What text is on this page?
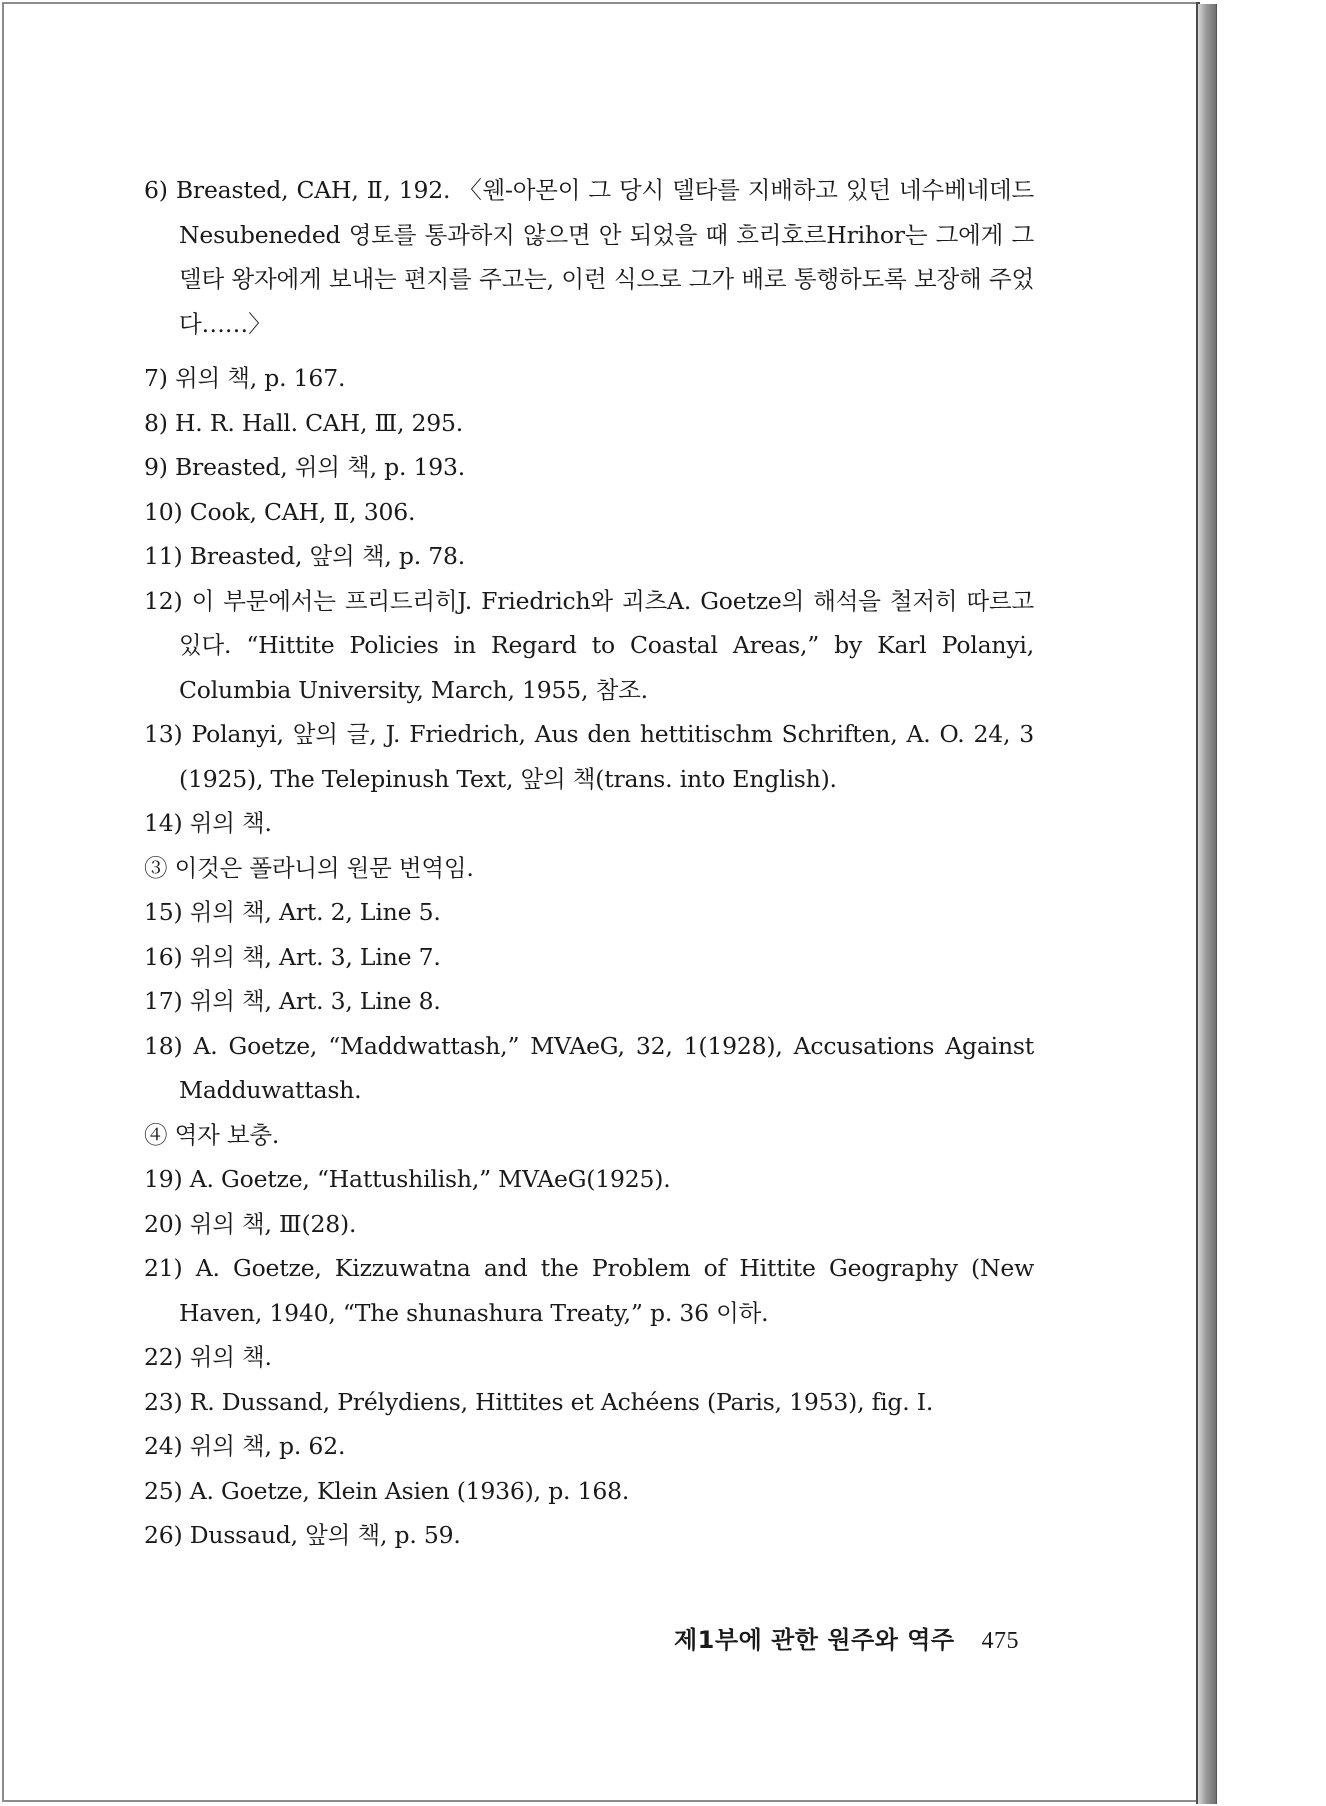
6) Breasted, CAH, Ⅱ, 192. 〈웬-아몬이 그 당시 델타를 지배하고 있던 네수베네데드Nesubeneded 영토를 통과하지 않으면 안 되었을 때 흐리호르Hrihor는 그에게 그 델타 왕자에게 보내는 편지를 주고는, 이런 식으로 그가 배로 통행하도록 보장해 주었다……〉

7) 위의 책, p. 167.

8) H. R. Hall. CAH, Ⅲ, 295.

9) Breasted, 위의 책, p. 193.

10) Cook, CAH, Ⅱ, 306.

11) Breasted, 앞의 책, p. 78.

12) 이 부문에서는 프리드리히J. Friedrich와 괴츠A. Goetze의 해석을 철저히 따르고 있다. “Hittite Policies in Regard to Coastal Areas,” by Karl Polanyi, Columbia University, March, 1955, 참조.

13) Polanyi, 앞의 글, J. Friedrich, Aus den hettitischm Schriften, A. O. 24, 3 (1925), The Telepinush Text, 앞의 책(trans. into English).

14) 위의 책.

③ 이것은 폴라니의 원문 번역임.

15) 위의 책, Art. 2, Line 5.

16) 위의 책, Art. 3, Line 7.

17) 위의 책, Art. 3, Line 8.

18) A. Goetze, “Maddwattash,” MVAeG, 32, 1(1928), Accusations Against Madduwattash.

④ 역자 보충.

19) A. Goetze, “Hattushilish,” MVAeG(1925).

20) 위의 책, Ⅲ(28).

21) A. Goetze, Kizzuwatna and the Problem of Hittite Geography (New Haven, 1940, “The shunashura Treaty,” p. 36 이하.

22) 위의 책.

23) R. Dussand, Prélydiens, Hittites et Achéens (Paris, 1953), fig. Ⅰ.

24) 위의 책, p. 62.

25) A. Goetze, Klein Asien (1936), p. 168.

26) Dussaud, 앞의 책, p. 59.

제1부에 관한 원주와 역주 475
